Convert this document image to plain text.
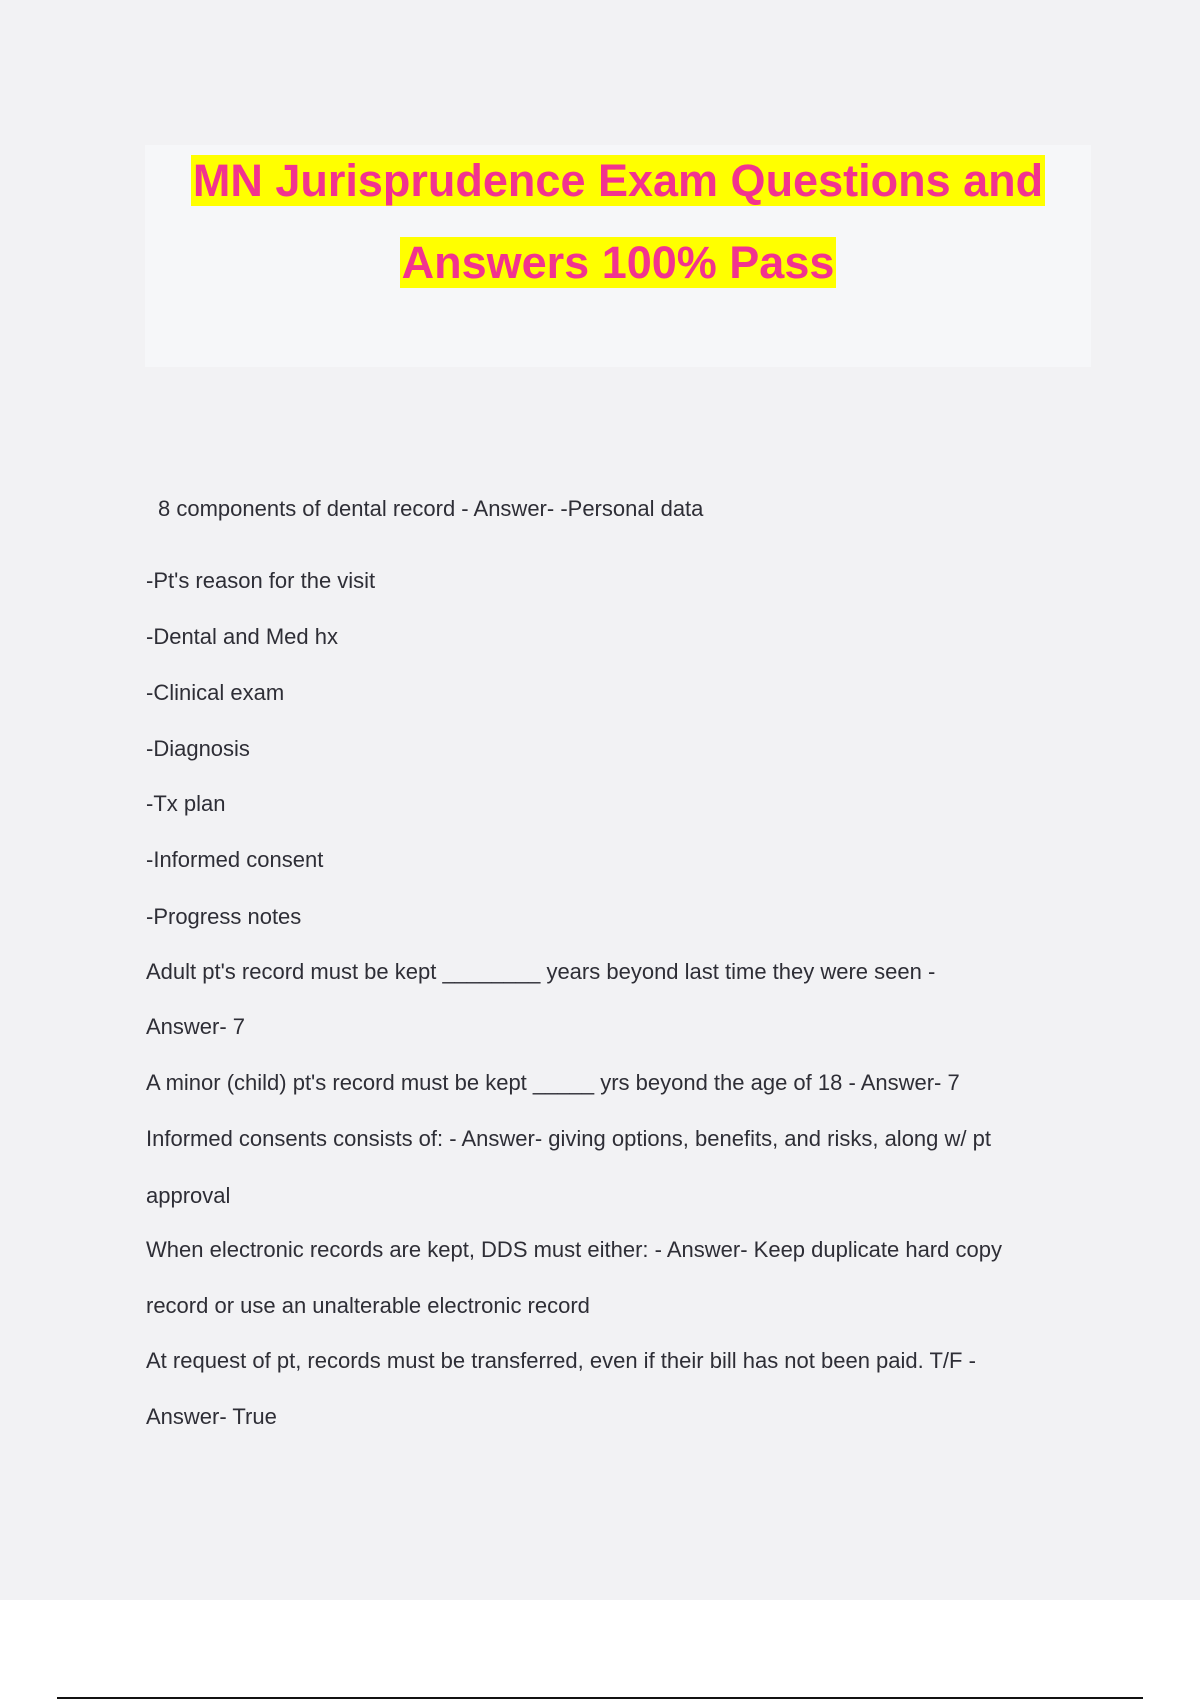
MN Jurisprudence Exam Questions and
Answers 100% Pass
8 components of dental record - Answer- -Personal data
-Pt's reason for the visit
-Dental and Med hx
-Clinical exam
-Diagnosis
-Tx plan
-Informed consent
-Progress notes
Adult pt's record must be kept ________ years beyond last time they were seen -
Answer- 7
A minor (child) pt's record must be kept _____ yrs beyond the age of 18 - Answer- 7
Informed consents consists of: - Answer- giving options, benefits, and risks, along w/ pt
approval
When electronic records are kept, DDS must either: - Answer- Keep duplicate hard copy
record or use an unalterable electronic record
At request of pt, records must be transferred, even if their bill has not been paid. T/F -
Answer- True
